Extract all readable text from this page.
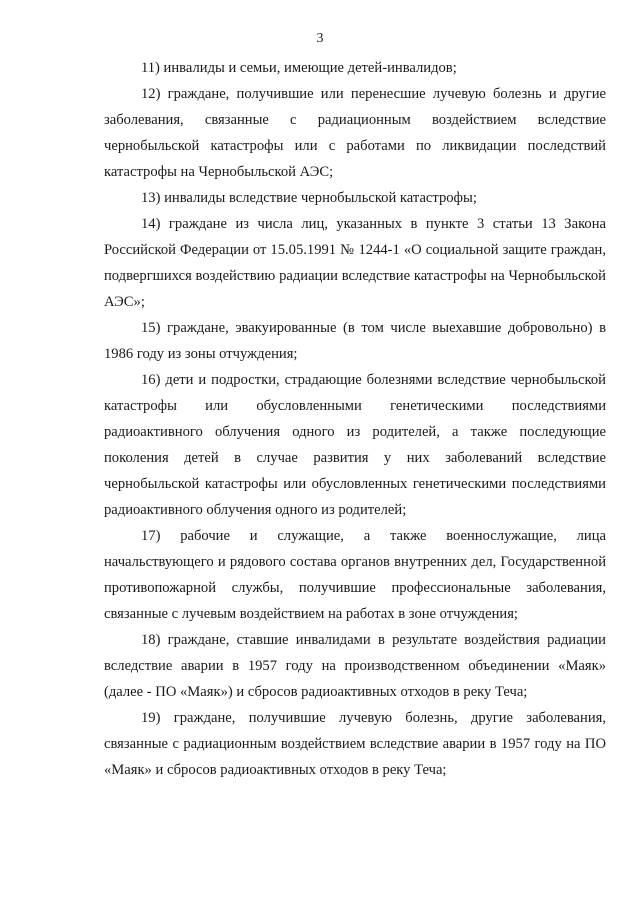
3

11) инвалиды и семьи, имеющие детей-инвалидов;

12) граждане, получившие или перенесшие лучевую болезнь и другие заболевания, связанные с радиационным воздействием вследствие чернобыльской катастрофы или с работами по ликвидации последствий катастрофы на Чернобыльской АЭС;

13) инвалиды вследствие чернобыльской катастрофы;

14) граждане из числа лиц, указанных в пункте 3 статьи 13 Закона Российской Федерации от 15.05.1991 № 1244-1 «О социальной защите граждан, подвергшихся воздействию радиации вследствие катастрофы на Чернобыльской АЭС»;

15) граждане, эвакуированные (в том числе выехавшие добровольно) в 1986 году из зоны отчуждения;

16) дети и подростки, страдающие болезнями вследствие чернобыльской катастрофы или обусловленными генетическими последствиями радиоактивного облучения одного из родителей, а также последующие поколения детей в случае развития у них заболеваний вследствие чернобыльской катастрофы или обусловленных генетическими последствиями радиоактивного облучения одного из родителей;

17) рабочие и служащие, а также военнослужащие, лица начальствующего и рядового состава органов внутренних дел, Государственной противопожарной службы, получившие профессиональные заболевания, связанные с лучевым воздействием на работах в зоне отчуждения;

18) граждане, ставшие инвалидами в результате воздействия радиации вследствие аварии в 1957 году на производственном объединении «Маяк» (далее - ПО «Маяк») и сбросов радиоактивных отходов в реку Теча;

19) граждане, получившие лучевую болезнь, другие заболевания, связанные с радиационным воздействием вследствие аварии в 1957 году на ПО «Маяк» и сбросов радиоактивных отходов в реку Теча;
